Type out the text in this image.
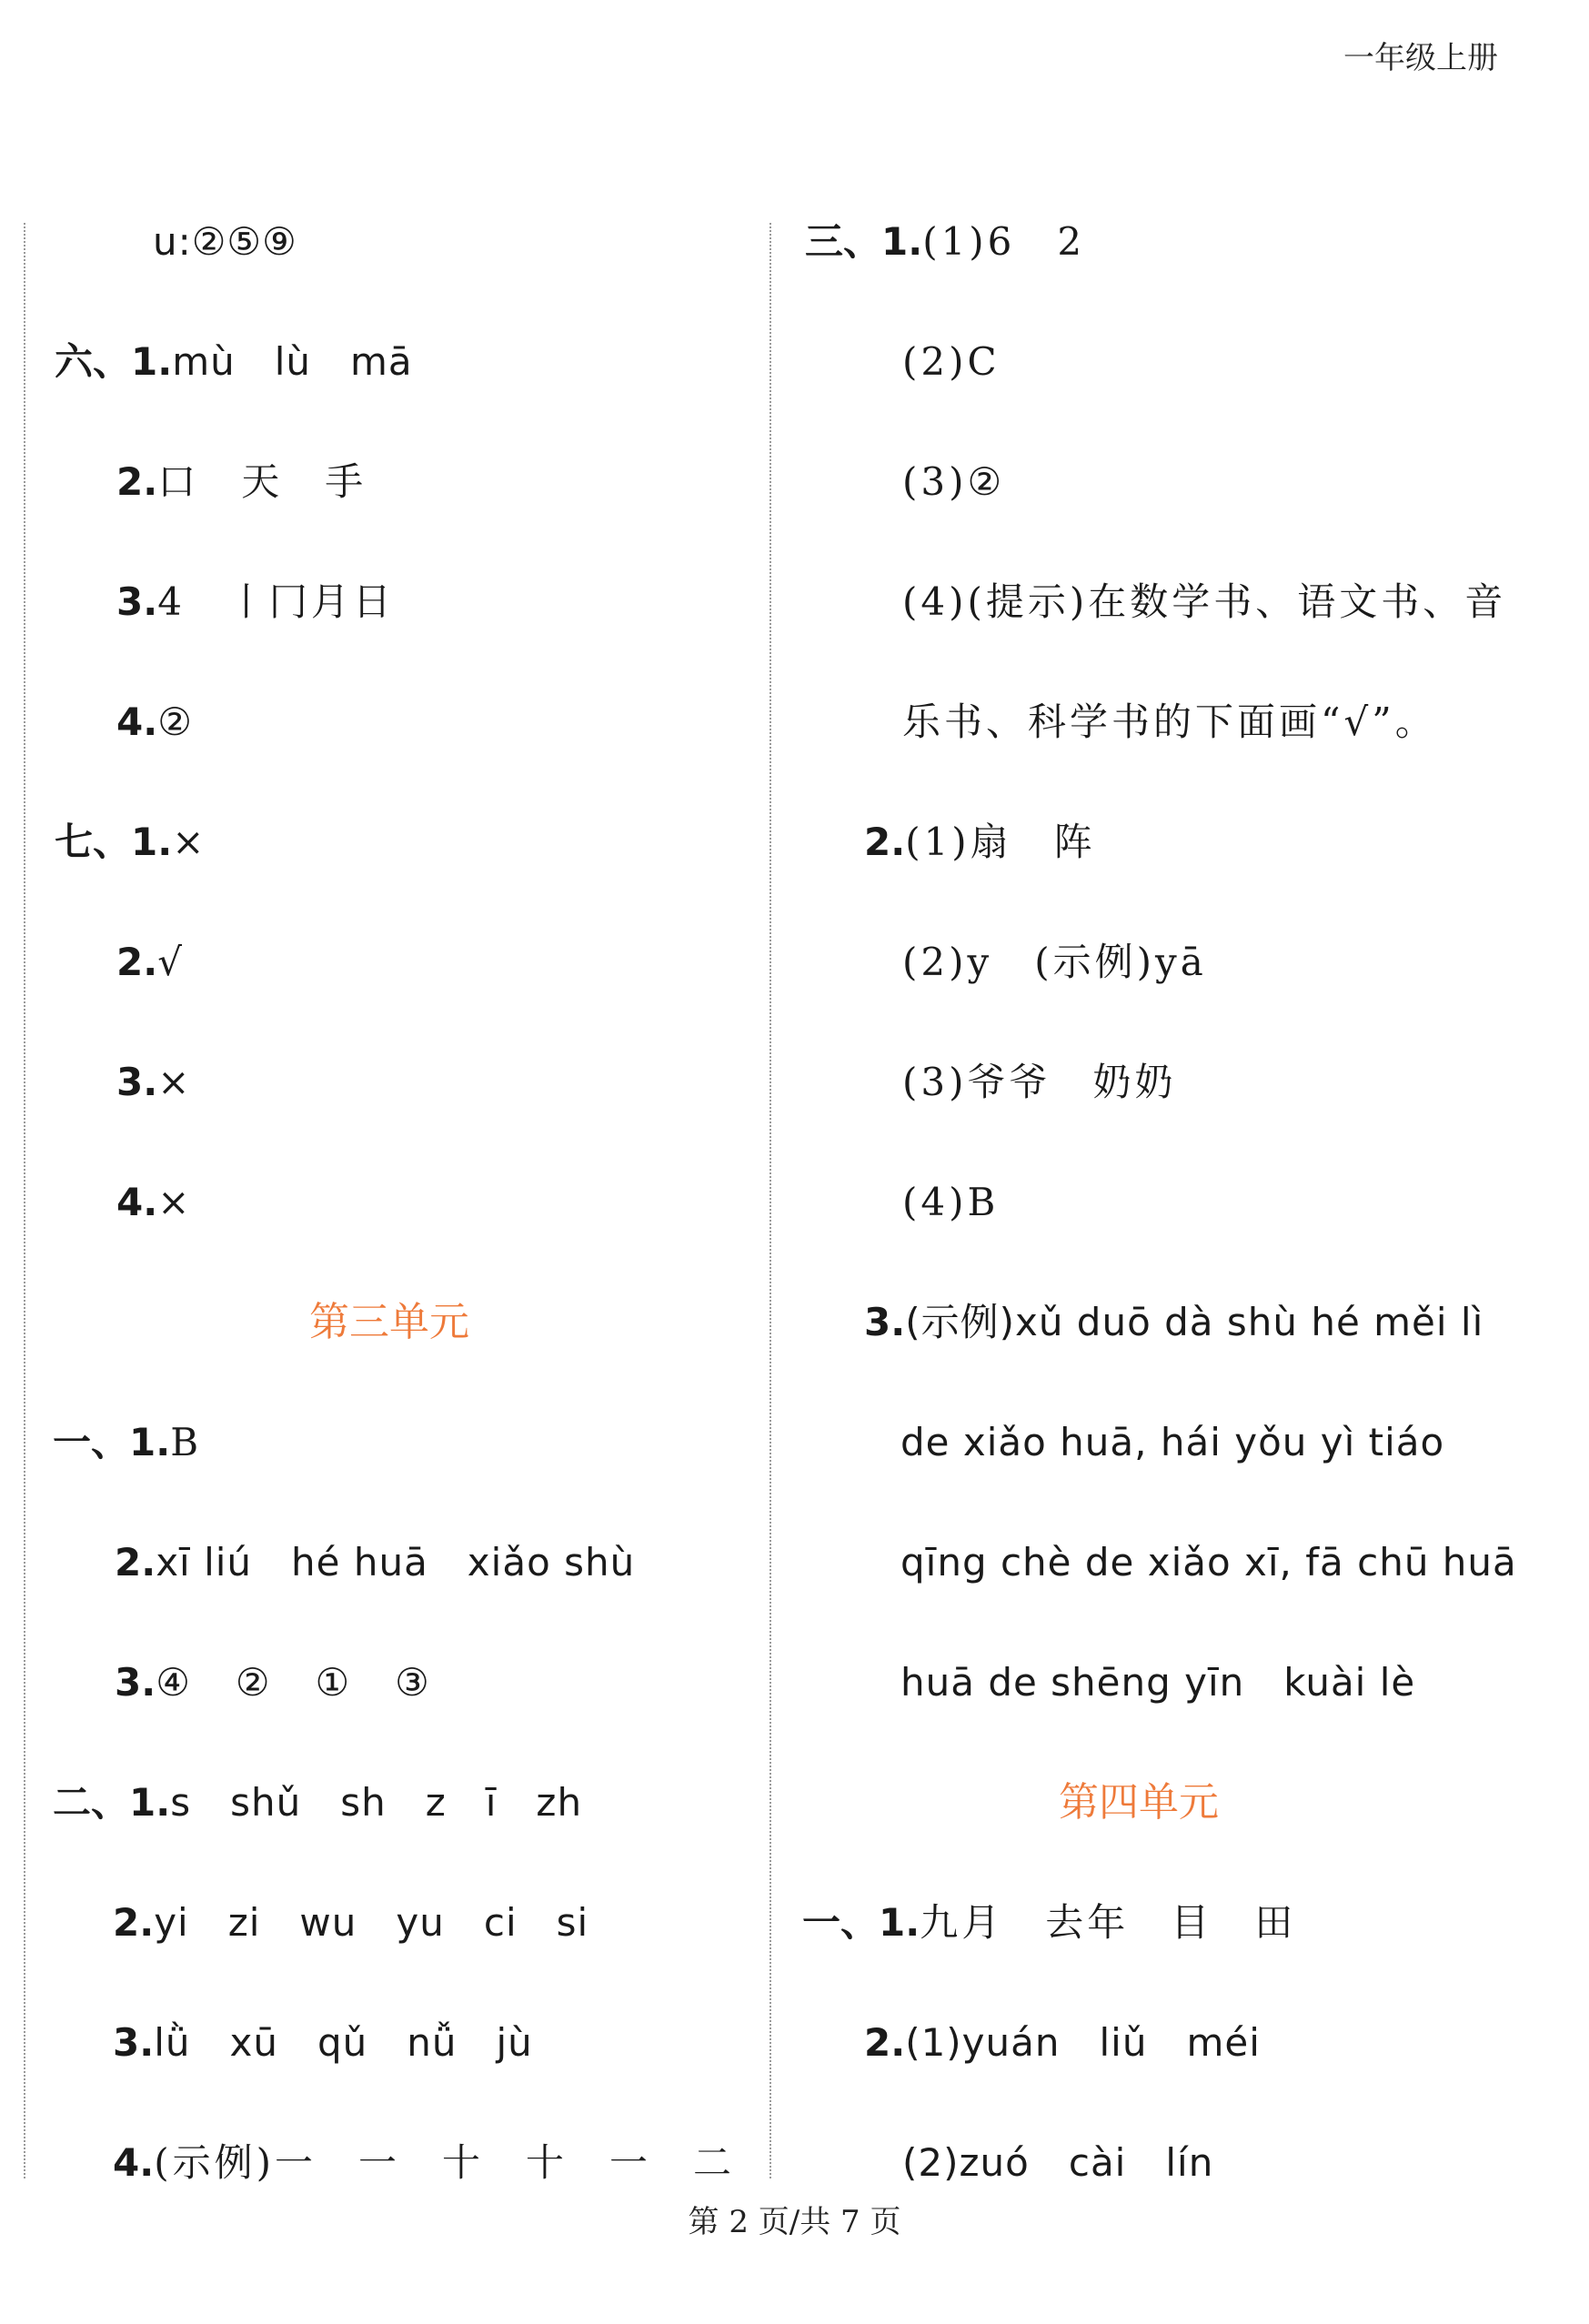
一年级上册
u:②⑤⑨
六、1.mù　lù　mā
2.口　天　手
3.4　丨冂月日
4.②
七、1.×
2.√
3.×
4.×
第三单元
一、1.B
2.xī liú　hé huā　xiǎo shù
3.④　②　①　③
二、1.s　shǔ　sh　z　ī　zh
2.yi　zi　wu　yu　ci　si
3.lǜ　xū　qǔ　nǚ　jù
4.(示例)一　一　十　十　一　二
三、1.(1)6　2
(2)C
(3)②
(4)(提示)在数学书、语文书、音
乐书、科学书的下面画“√”。
2.(1)扇　阵
(2)y　(示例)yā
(3)爷爷　奶奶
(4)B
3.(示例)xǔ duō dà shù hé měi lì
de xiǎo huā, hái yǒu yì tiáo
qīng chè de xiǎo xī, fā chū huā
huā de shēng yīn　kuài lè
第四单元
一、1.九月　去年　目　田
2.(1)yuán　liǔ　méi
(2)zuó　cài　lín
第 2 页/共 7 页
